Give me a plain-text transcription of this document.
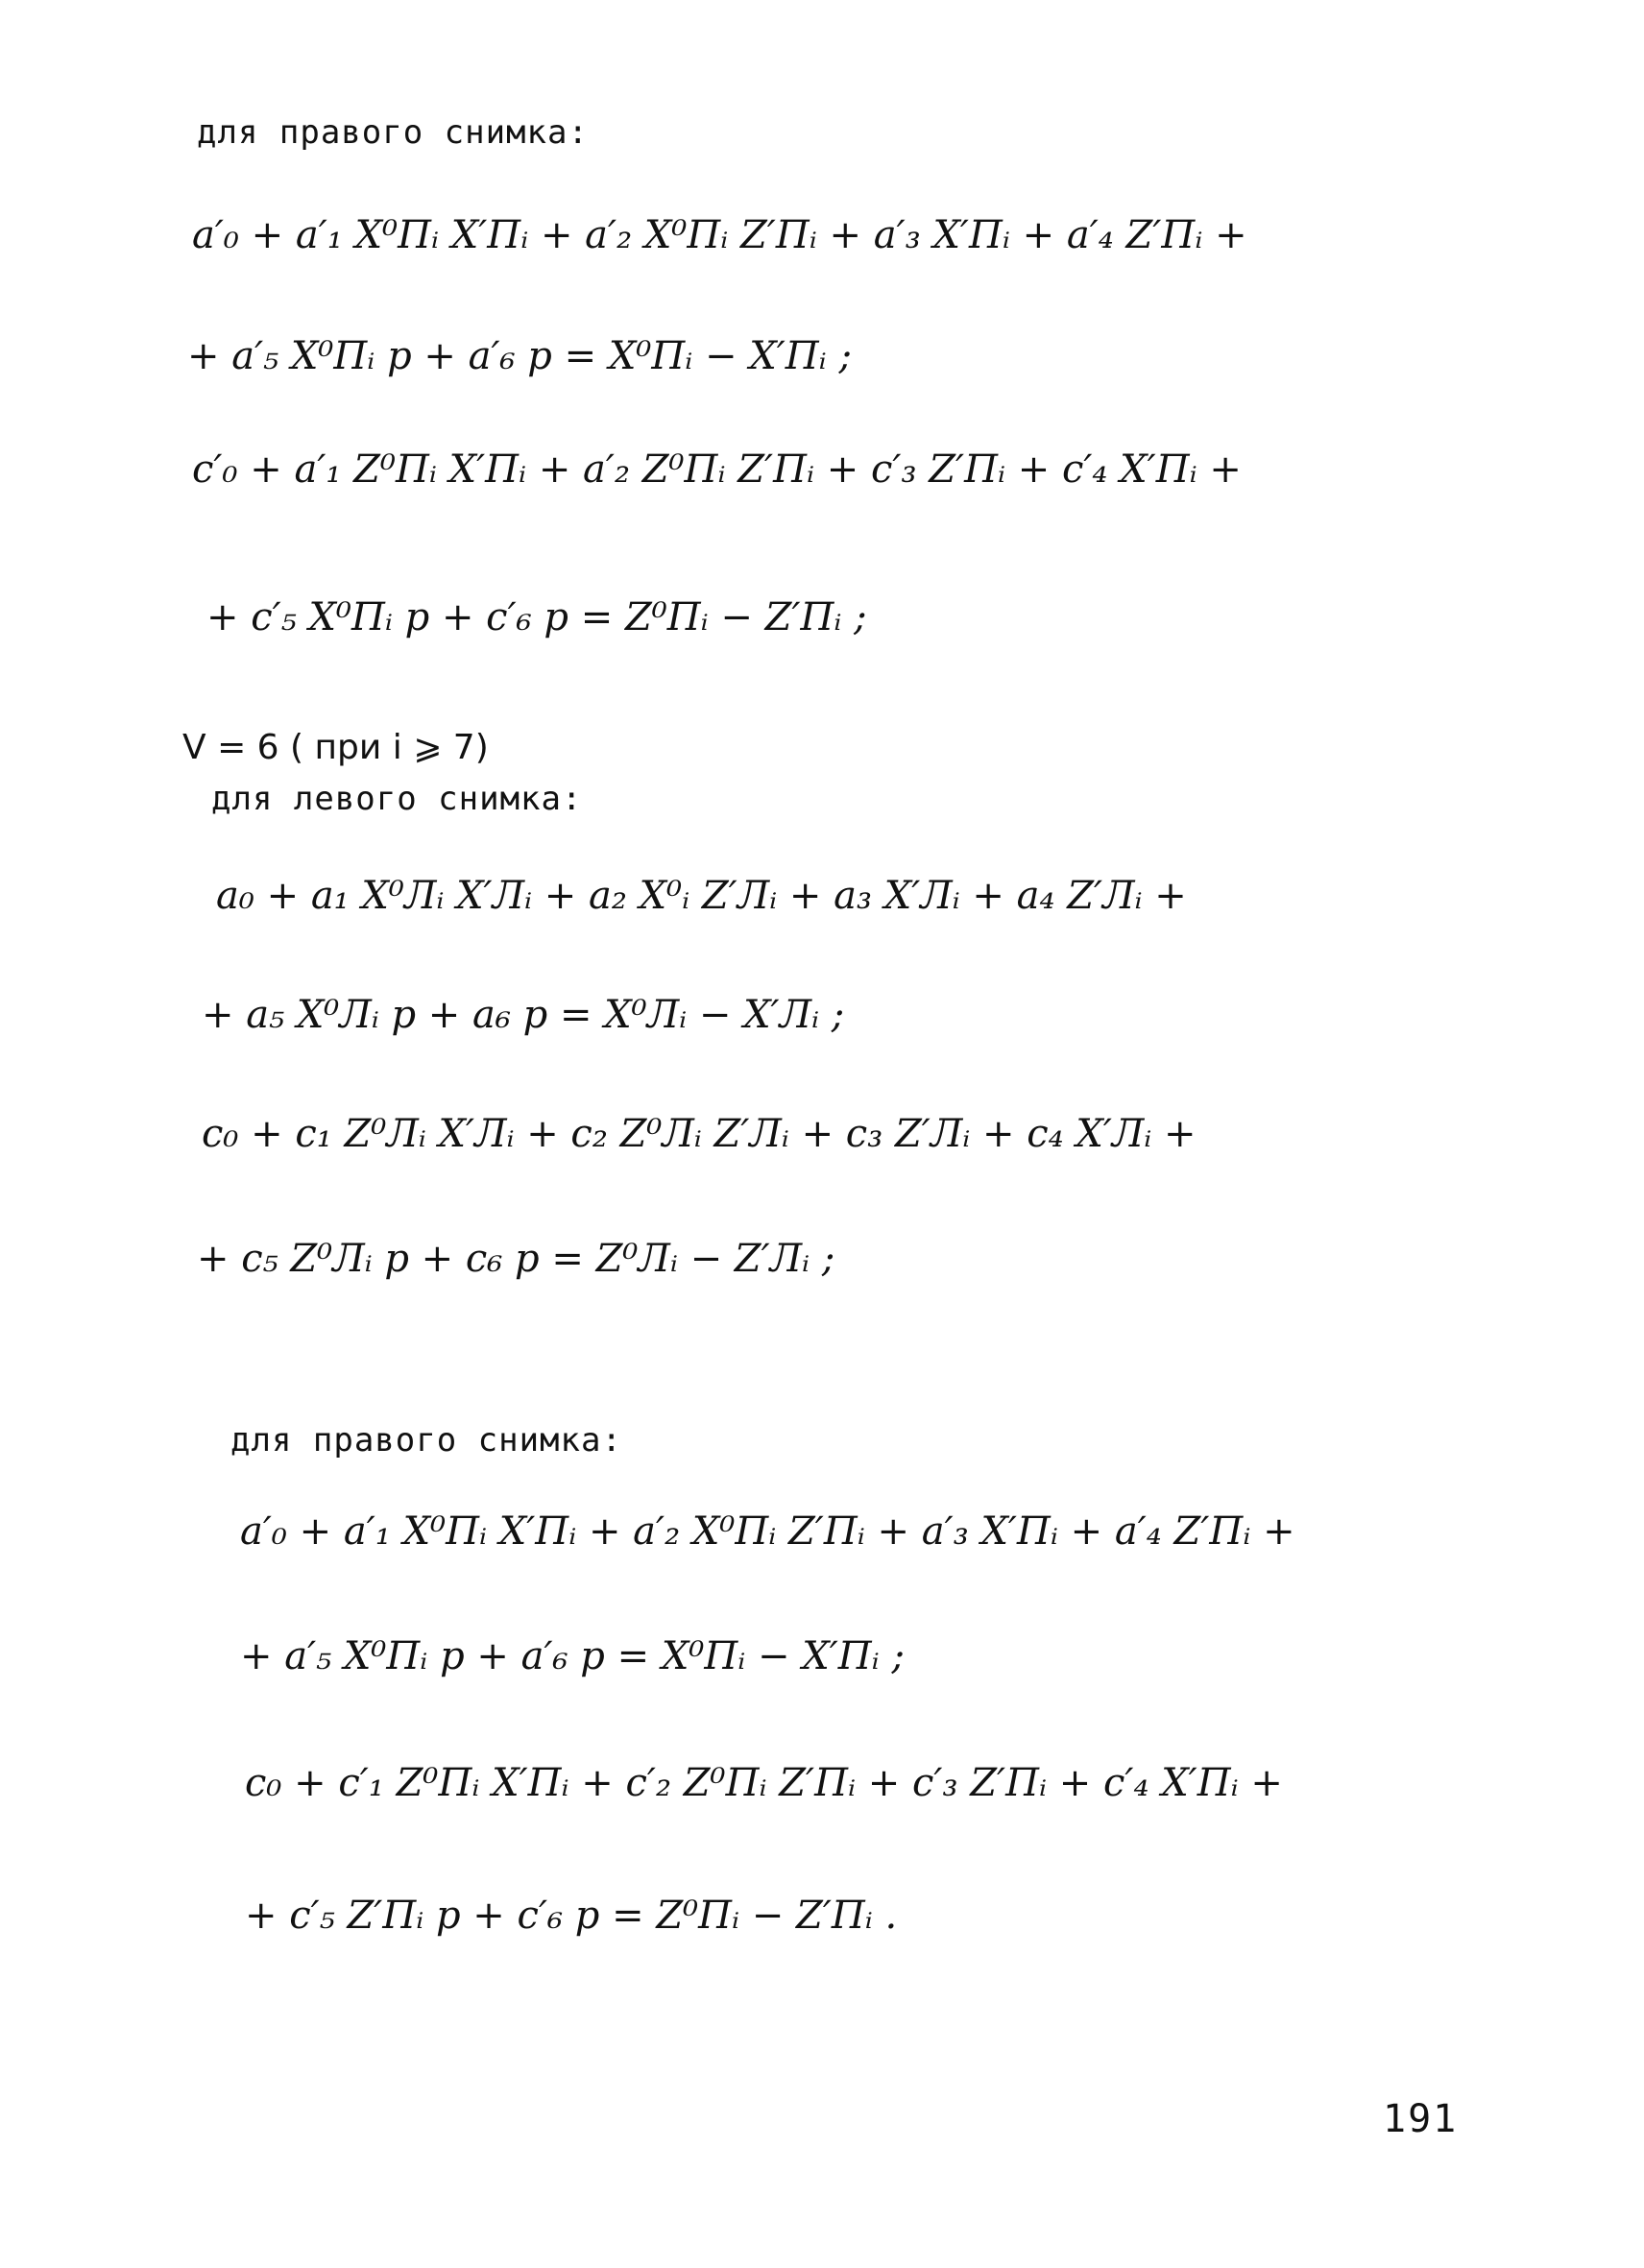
для правого снимка:
a′₀ + a′₁ X⁰Пᵢ X′Пᵢ + a′₂ X⁰Пᵢ Z′Пᵢ + a′₃ X′Пᵢ + a′₄ Z′Пᵢ +
+ a′₅ X⁰Пᵢ p + a′₆ p = X⁰Пᵢ − X′Пᵢ ;
c′₀ + a′₁ Z⁰Пᵢ X′Пᵢ + a′₂ Z⁰Пᵢ Z′Пᵢ + c′₃ Z′Пᵢ + c′₄ X′Пᵢ +
+ c′₅ X⁰Пᵢ p + c′₆ p = Z⁰Пᵢ − Z′Пᵢ ;
V = 6 ( при i ⩾ 7)
для левого снимка:
a₀ + a₁ X⁰Лᵢ X′Лᵢ + a₂ X⁰ᵢ Z′Лᵢ + a₃ X′Лᵢ + a₄ Z′Лᵢ +
+ a₅ X⁰Лᵢ p + a₆ p = X⁰Лᵢ − X′Лᵢ ;
c₀ + c₁ Z⁰Лᵢ X′Лᵢ + c₂ Z⁰Лᵢ Z′Лᵢ + c₃ Z′Лᵢ + c₄ X′Лᵢ +
+ c₅ Z⁰Лᵢ p + c₆ p = Z⁰Лᵢ − Z′Лᵢ ;
для правого снимка:
a′₀ + a′₁ X⁰Пᵢ X′Пᵢ + a′₂ X⁰Пᵢ Z′Пᵢ + a′₃ X′Пᵢ + a′₄ Z′Пᵢ +
+ a′₅ X⁰Пᵢ p + a′₆ p = X⁰Пᵢ − X′Пᵢ ;
c₀ + c′₁ Z⁰Пᵢ X′Пᵢ + c′₂ Z⁰Пᵢ Z′Пᵢ + c′₃ Z′Пᵢ + c′₄ X′Пᵢ +
+ c′₅ Z′Пᵢ p + c′₆ p = Z⁰Пᵢ − Z′Пᵢ .
191
